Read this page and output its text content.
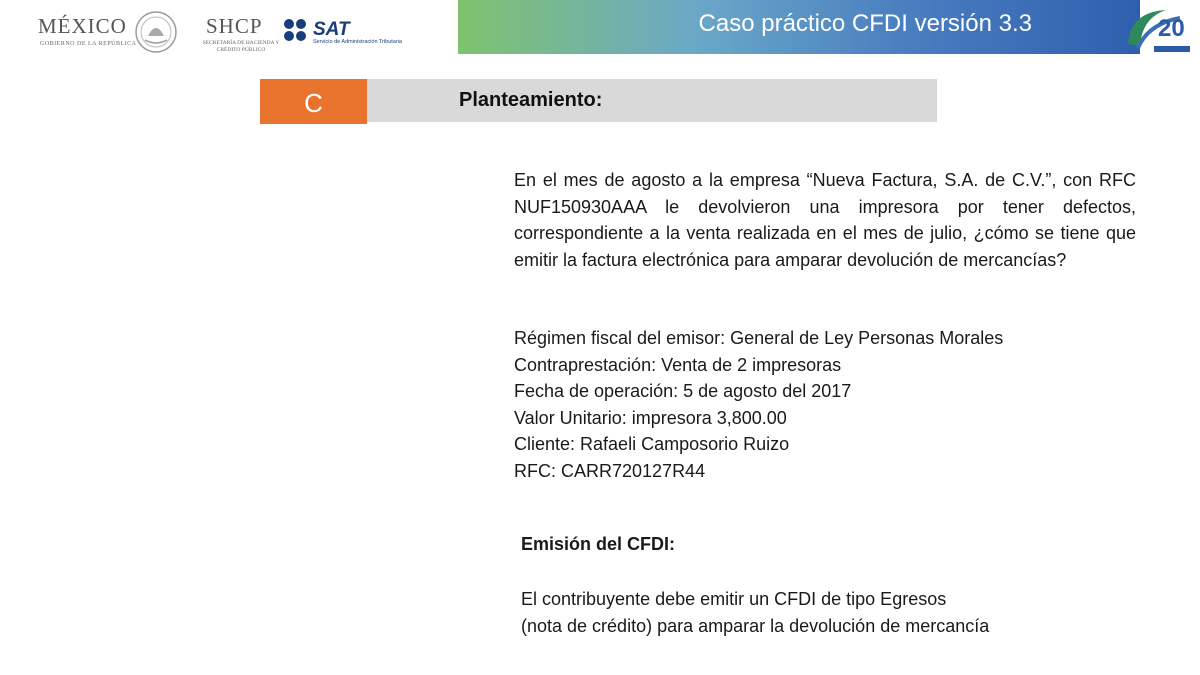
MÉXICO
GOBIERNO DE LA REPÚBLICA
SHCP
SECRETARÍA DE HACIENDA Y CRÉDITO PÚBLICO
SAT
Servicio de Administración Tributaria
Caso práctico CFDI versión 3.3	20
C	Planteamiento:
En el mes de agosto a la empresa “Nueva Factura, S.A. de C.V.”, con RFC NUF150930AAA le devolvieron una impresora por tener defectos, correspondiente a la venta realizada en el mes de julio, ¿cómo se tiene que emitir la factura electrónica para amparar devolución de mercancías?
Régimen fiscal del emisor: General de Ley Personas Morales
Contraprestación: Venta de 2 impresoras
Fecha de operación: 5 de agosto del 2017
Valor Unitario: impresora 3,800.00
Cliente: Rafaeli Camposorio Ruizo
RFC: CARR720127R44
Emisión del CFDI:
El contribuyente debe emitir un CFDI de tipo Egresos
(nota de crédito) para amparar la devolución de mercancía
